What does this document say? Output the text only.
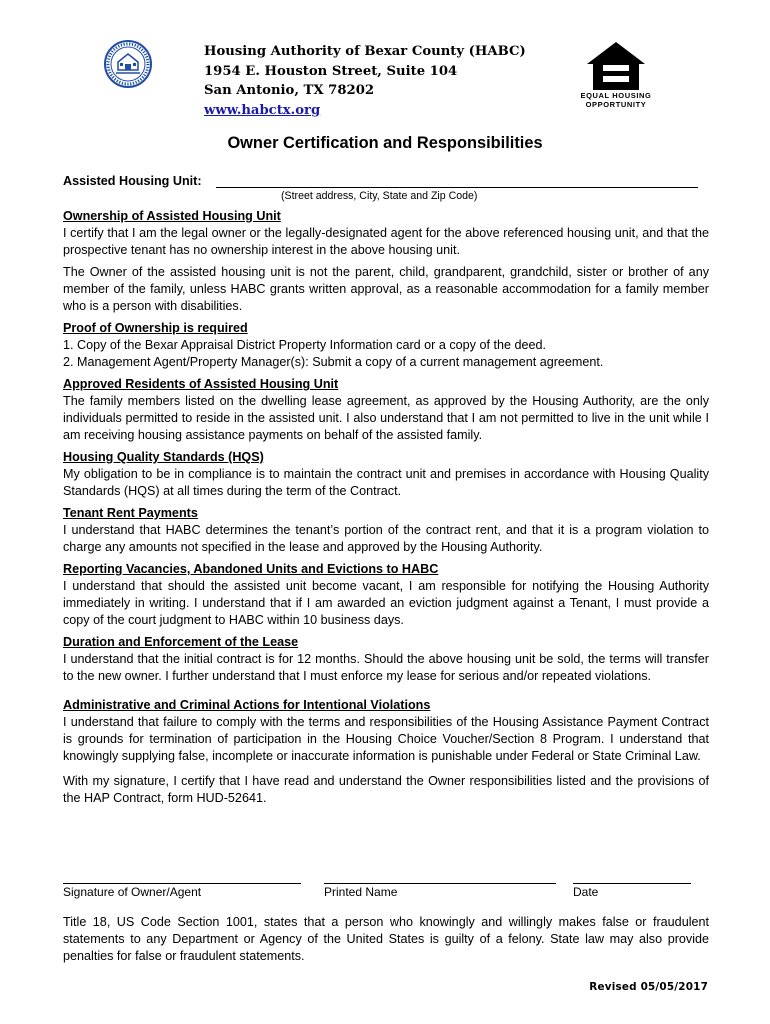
Housing Authority of Bexar County (HABC)
1954 E. Houston Street, Suite 104
San Antonio, TX 78202
www.habctx.org
EQUAL HOUSING
OPPORTUNITY
Owner Certification and Responsibilities
Assisted Housing Unit:
(Street address, City, State and Zip Code)
Ownership of Assisted Housing Unit

I certify that I am the legal owner or the legally-designated agent for the above referenced housing unit, and that the prospective tenant has no ownership interest in the above housing unit.

The Owner of the assisted housing unit is not the parent, child, grandparent, grandchild, sister or brother of any member of the family, unless HABC grants written approval, as a reasonable accommodation for a family member who is a person with disabilities.

Proof of Ownership is required

1. Copy of the Bexar Appraisal District Property Information card or a copy of the deed.

2. Management Agent/Property Manager(s): Submit a copy of a current management agreement.

Approved Residents of Assisted Housing Unit

The family members listed on the dwelling lease agreement, as approved by the Housing Authority, are the only individuals permitted to reside in the assisted unit. I also understand that I am not permitted to live in the unit while I am receiving housing assistance payments on behalf of the assisted family.

Housing Quality Standards (HQS)

My obligation to be in compliance is to maintain the contract unit and premises in accordance with Housing Quality Standards (HQS) at all times during the term of the Contract.

Tenant Rent Payments

I understand that HABC determines the tenant’s portion of the contract rent, and that it is a program violation to charge any amounts not specified in the lease and approved by the Housing Authority.

Reporting Vacancies, Abandoned Units and Evictions to HABC

I understand that should the assisted unit become vacant, I am responsible for notifying the Housing Authority immediately in writing. I understand that if I am awarded an eviction judgment against a Tenant, I must provide a copy of the court judgment to HABC within 10 business days.

Duration and Enforcement of the Lease

I understand that the initial contract is for 12 months. Should the above housing unit be sold, the terms will transfer to the new owner. I further understand that I must enforce my lease for serious and/or repeated violations.

Administrative and Criminal Actions for Intentional Violations

I understand that failure to comply with the terms and responsibilities of the Housing Assistance Payment Contract is grounds for termination of participation in the Housing Choice Voucher/Section 8 Program. I understand that knowingly supplying false, incomplete or inaccurate information is punishable under Federal or State Criminal Law.

With my signature, I certify that I have read and understand the Owner responsibilities listed and the provisions of the HAP Contract, form HUD-52641.

Signature of Owner/Agent	Printed Name	Date

Title 18, US Code Section 1001, states that a person who knowingly and willingly makes false or fraudulent statements to any Department or Agency of the United States is guilty of a felony. State law may also provide penalties for false or fraudulent statements.

Revised 05/05/2017
